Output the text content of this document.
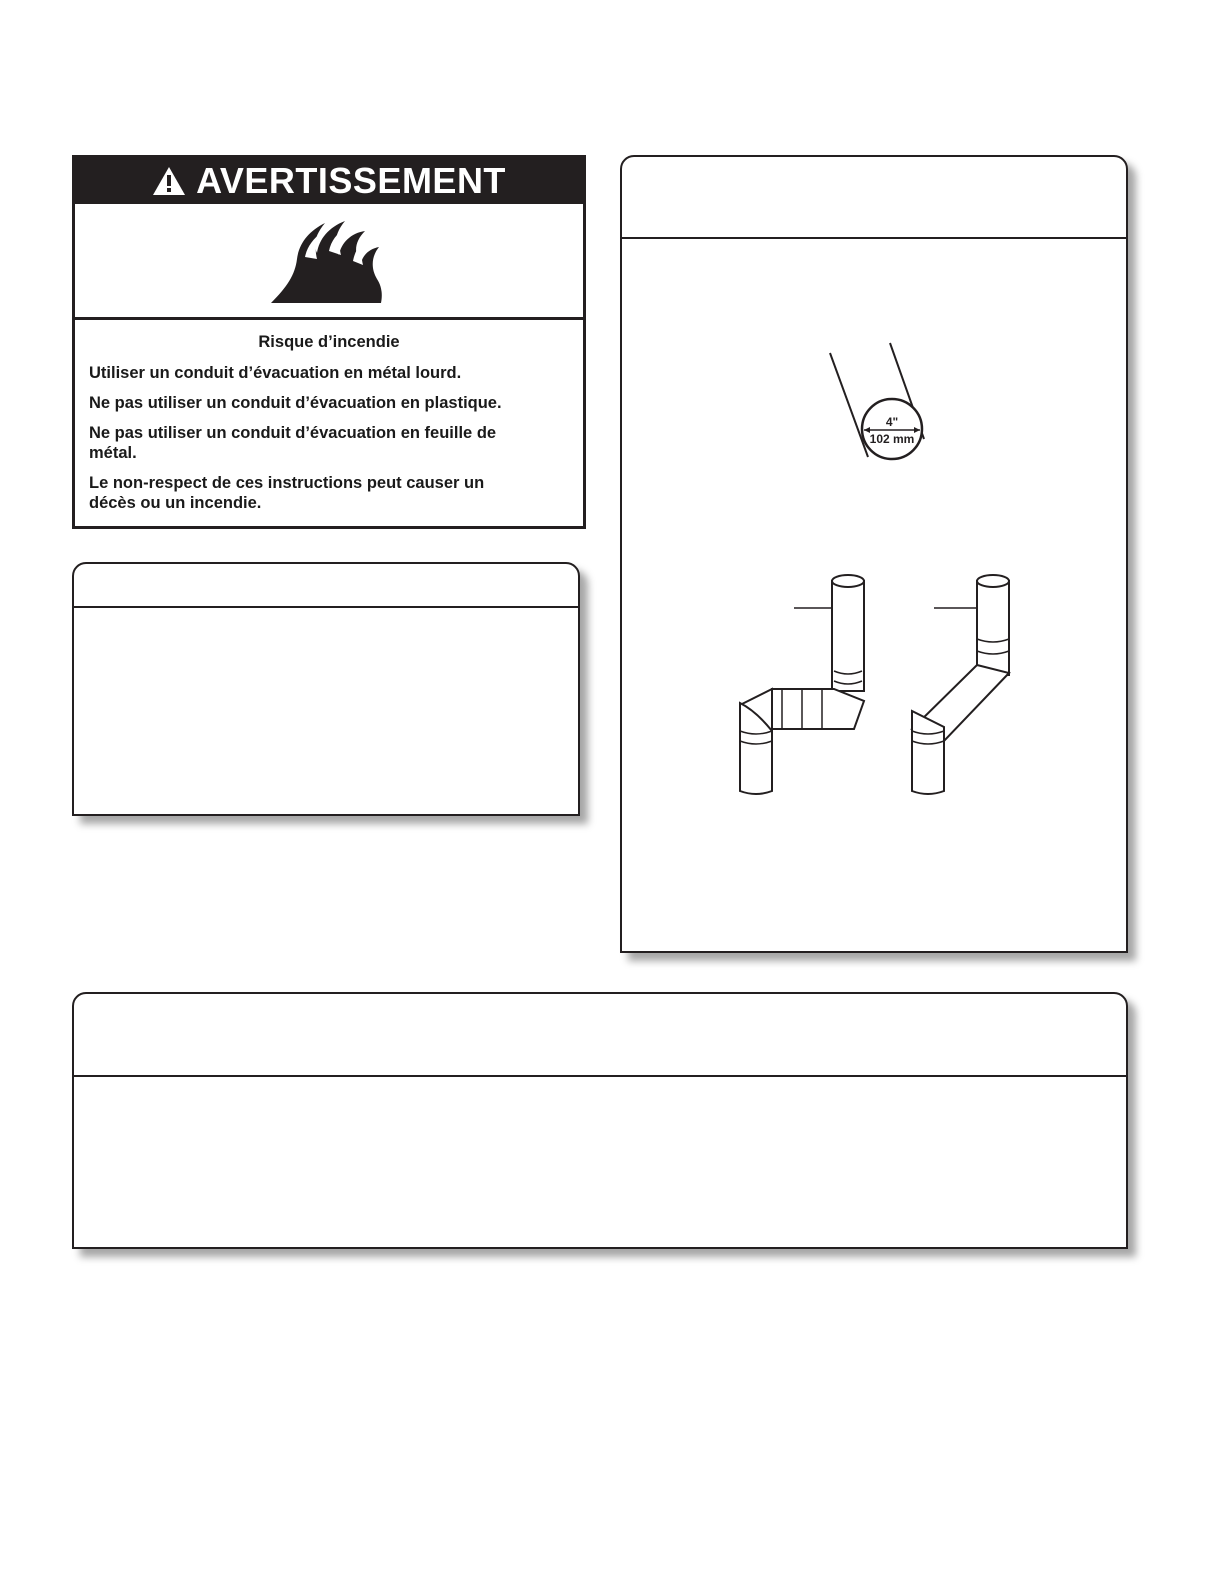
AVERTISSEMENT
Risque d’incendie

Utiliser un conduit d’évacuation en métal lourd.

Ne pas utiliser un conduit d’évacuation en plastique.

Ne pas utiliser un conduit d’évacuation en feuille de métal.

Le non-respect de ces instructions peut causer un décès ou un incendie.

4"
102 mm
